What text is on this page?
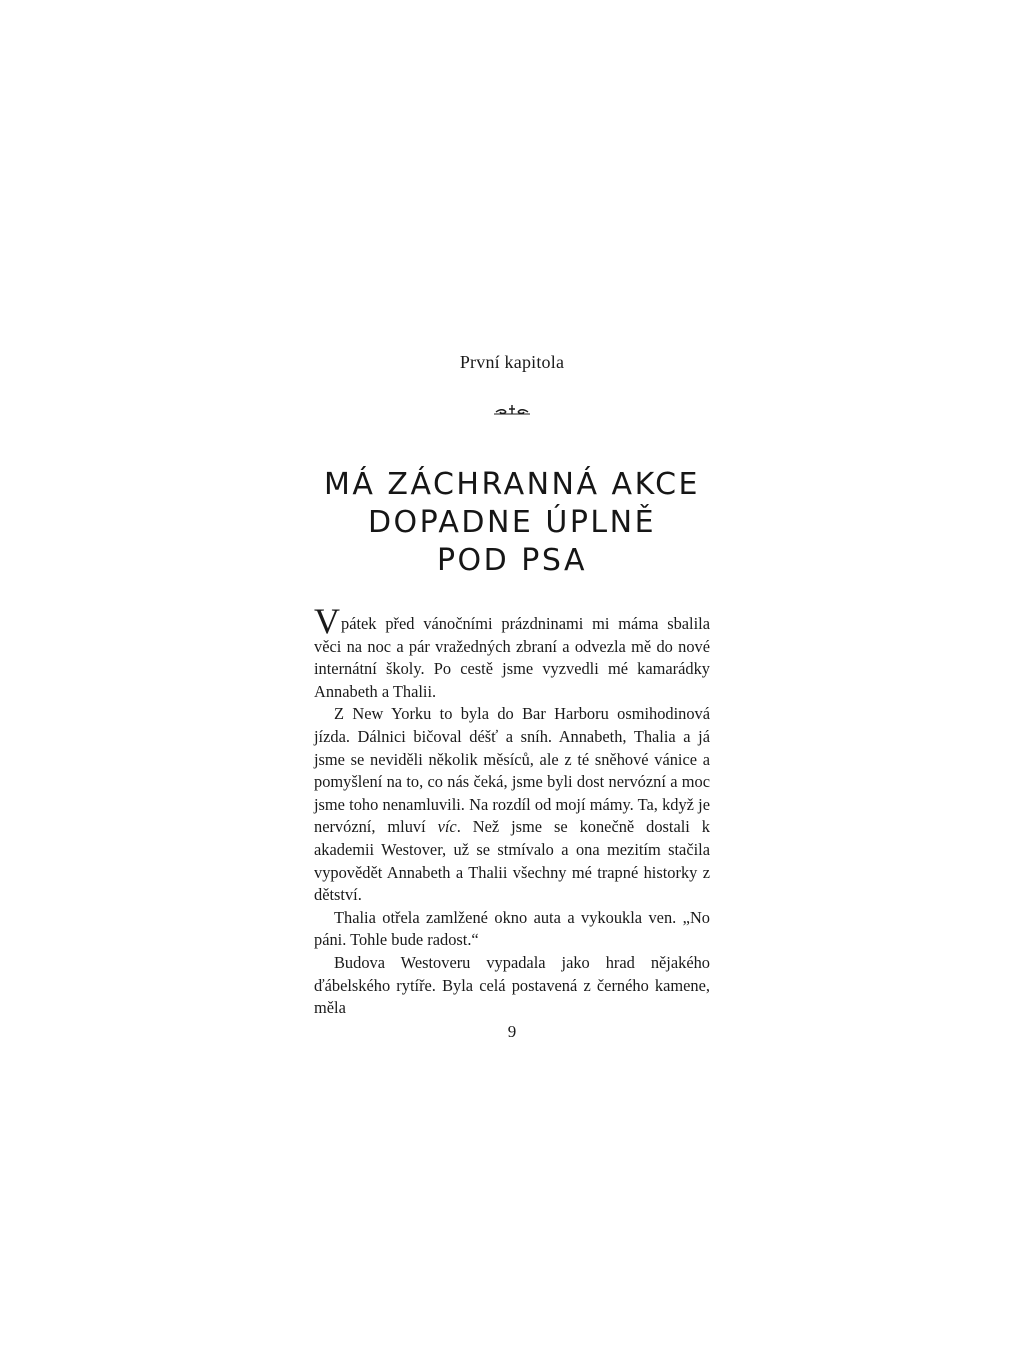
První kapitola
MÁ ZÁCHRANNÁ AKCE
DOPADNE ÚPLNĚ
POD PSA

Vpátek před vánočními prázdninami mi máma sbalila věci na noc a pár vražedných zbraní a odvezla mě do nové internátní školy. Po cestě jsme vyzvedli mé kamarádky Annabeth a Thalii.

Z New Yorku to byla do Bar Harboru osmihodinová jízda. Dálnici bičoval déšť a sníh. Annabeth, Thalia a já jsme se neviděli několik měsíců, ale z té sněhové vánice a pomyšlení na to, co nás čeká, jsme byli dost nervózní a moc jsme toho nenamluvili. Na rozdíl od mojí mámy. Ta, když je nervózní, mluví víc. Než jsme se konečně dostali k akademii Westover, už se stmívalo a ona mezitím stačila vypovědět Annabeth a Thalii všechny mé trapné historky z dětství.

Thalia otřela zamlžené okno auta a vykoukla ven. „No páni. Tohle bude radost.“

Budova Westoveru vypadala jako hrad nějakého ďábelského rytíře. Byla celá postavená z černého kamene, měla

9
